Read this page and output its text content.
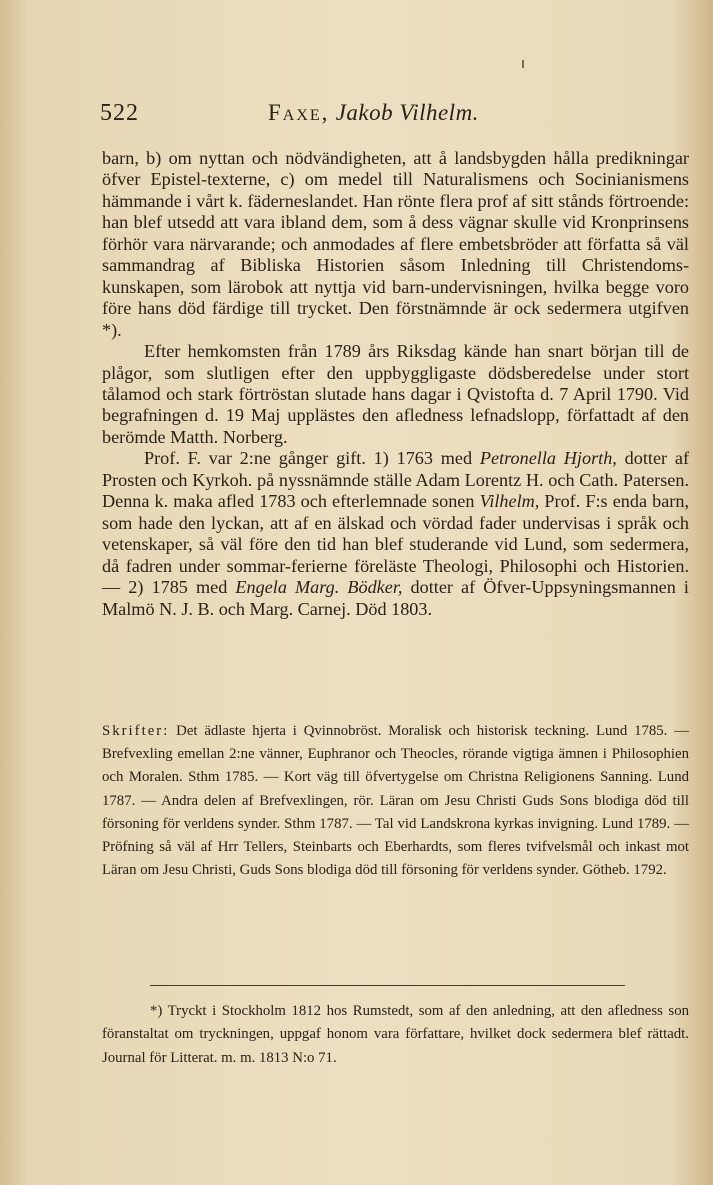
522	Faxe, Jakob Vilhelm.

barn, b) om nyttan och nödvändigheten, att å landsbygden hålla predikningar öfver Epistel-texterne, c) om medel till Naturalismens och Socinianismens hämmande i vårt k. fäderneslandet. Han rönte flera prof af sitt stånds förtroende: han blef utsedd att vara ibland dem, som å dess vägnar skulle vid Kronprinsens förhör vara närvarande; och anmodades af flere embetsbröder att författa så väl sammandrag af Bibliska Historien såsom Inledning till Christendoms-kunskapen, som lärobok att nyttja vid barn-undervisningen, hvilka begge voro före hans död färdige till trycket. Den förstnämnde är ock sedermera utgifven *).

Efter hemkomsten från 1789 års Riksdag kände han snart början till de plågor, som slutligen efter den uppbyggligaste dödsberedelse under stort tålamod och stark förtröstan slutade hans dagar i Qvistofta d. 7 April 1790. Vid begrafningen d. 19 Maj upplästes den afledness lefnadslopp, författadt af den berömde Matth. Norberg.

Prof. F. var 2:ne gånger gift. 1) 1763 med Petronella Hjorth, dotter af Prosten och Kyrkoh. på nyssnämnde ställe Adam Lorentz H. och Cath. Patersen. Denna k. maka afled 1783 och efterlemnade sonen Vilhelm, Prof. F:s enda barn, som hade den lyckan, att af en älskad och vördad fader undervisas i språk och vetenskaper, så väl före den tid han blef studerande vid Lund, som sedermera, då fadren under sommar-ferierne föreläste Theologi, Philosophi och Historien. — 2) 1785 med Engela Marg. Bödker, dotter af Öfver-Uppsyningsmannen i Malmö N. J. B. och Marg. Carnej. Död 1803.

Skrifter: Det ädlaste hjerta i Qvinnobröst. Moralisk och historisk teckning. Lund 1785. — Brefvexling emellan 2:ne vänner, Euphranor och Theocles, rörande vigtiga ämnen i Philosophien och Moralen. Sthm 1785. — Kort väg till öfvertygelse om Christna Religionens Sanning. Lund 1787. — Andra delen af Brefvexlingen, rör. Läran om Jesu Christi Guds Sons blodiga död till försoning för verldens synder. Sthm 1787. — Tal vid Landskrona kyrkas invigning. Lund 1789. — Pröfning så väl af Hrr Tellers, Steinbarts och Eberhardts, som fleres tvifvelsmål och inkast mot Läran om Jesu Christi, Guds Sons blodiga död till försoning för verldens synder. Götheb. 1792.

*) Tryckt i Stockholm 1812 hos Rumstedt, som af den anledning, att den afledness son föranstaltat om tryckningen, uppgaf honom vara författare, hvilket dock sedermera blef rättadt. Journal för Litterat. m. m. 1813 N:o 71.
